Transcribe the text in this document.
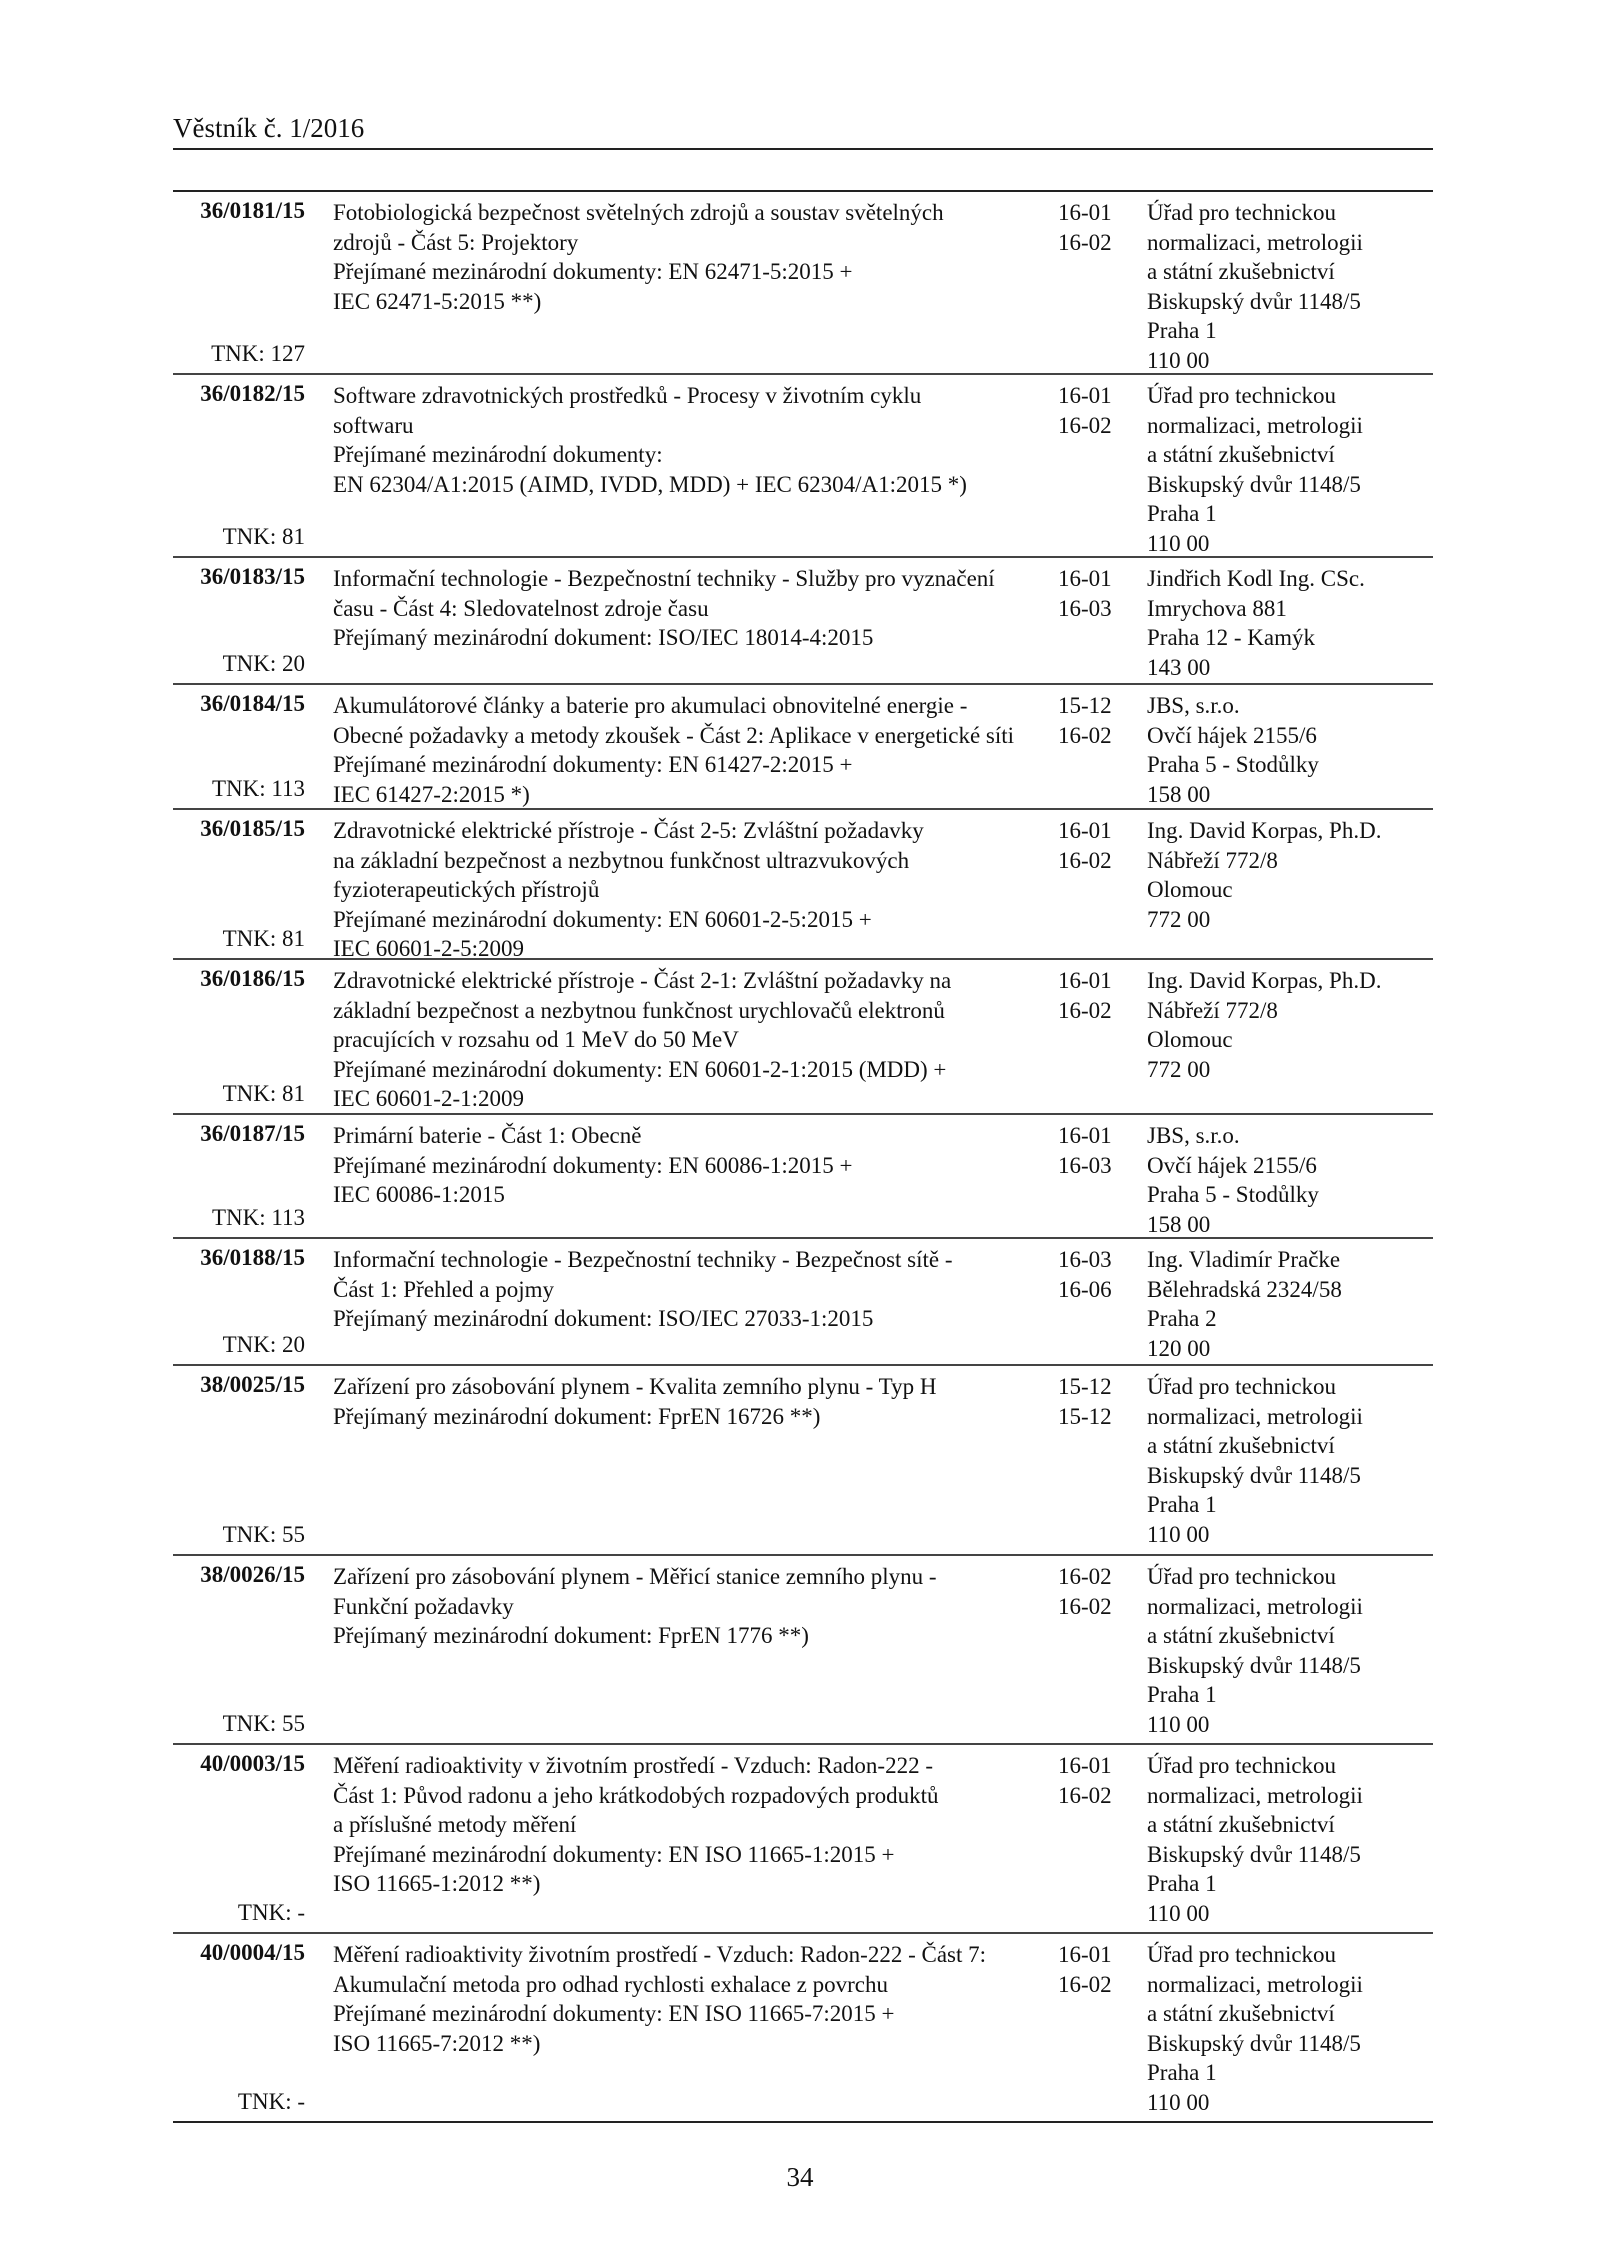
Věstník č. 1/2016
36/0181/15
TNK: 127
Fotobiologická bezpečnost světelných zdrojů a soustav světelných
zdrojů - Část 5: Projektory
Přejímané mezinárodní dokumenty: EN 62471-5:2015 +
IEC 62471-5:2015 **)
16-01
16-02
Úřad pro technickou
normalizaci, metrologii
a státní zkušebnictví
Biskupský dvůr 1148/5
Praha 1
110 00
36/0182/15
TNK: 81
Software zdravotnických prostředků - Procesy v životním cyklu
softwaru
Přejímané mezinárodní dokumenty:
EN 62304/A1:2015 (AIMD, IVDD, MDD) + IEC 62304/A1:2015 *)
16-01
16-02
Úřad pro technickou
normalizaci, metrologii
a státní zkušebnictví
Biskupský dvůr 1148/5
Praha 1
110 00
36/0183/15
TNK: 20
Informační technologie - Bezpečnostní techniky - Služby pro vyznačení
času - Část 4: Sledovatelnost zdroje času
Přejímaný mezinárodní dokument: ISO/IEC 18014-4:2015
16-01
16-03
Jindřich Kodl Ing. CSc.
Imrychova 881
Praha 12 - Kamýk
143 00
36/0184/15
TNK: 113
Akumulátorové články a baterie pro akumulaci obnovitelné energie -
Obecné požadavky a metody zkoušek - Část 2: Aplikace v energetické síti
Přejímané mezinárodní dokumenty: EN 61427-2:2015 +
IEC 61427-2:2015 *)
15-12
16-02
JBS, s.r.o.
Ovčí hájek 2155/6
Praha 5 - Stodůlky
158 00
36/0185/15
TNK: 81
Zdravotnické elektrické přístroje - Část 2-5: Zvláštní požadavky
na základní bezpečnost a nezbytnou funkčnost ultrazvukových
fyzioterapeutických přístrojů
Přejímané mezinárodní dokumenty: EN 60601-2-5:2015 +
IEC 60601-2-5:2009
16-01
16-02
Ing. David Korpas, Ph.D.
Nábřeží 772/8
Olomouc
772 00
36/0186/15
TNK: 81
Zdravotnické elektrické přístroje - Část 2-1: Zvláštní požadavky na
základní bezpečnost a nezbytnou funkčnost urychlovačů elektronů
pracujících v rozsahu od 1 MeV do 50 MeV
Přejímané mezinárodní dokumenty: EN 60601-2-1:2015 (MDD) +
IEC 60601-2-1:2009
16-01
16-02
Ing. David Korpas, Ph.D.
Nábřeží 772/8
Olomouc
772 00
36/0187/15
TNK: 113
Primární baterie - Část 1: Obecně
Přejímané mezinárodní dokumenty: EN 60086-1:2015 +
IEC 60086-1:2015
16-01
16-03
JBS, s.r.o.
Ovčí hájek 2155/6
Praha 5 - Stodůlky
158 00
36/0188/15
TNK: 20
Informační technologie - Bezpečnostní techniky - Bezpečnost sítě -
Část 1: Přehled a pojmy
Přejímaný mezinárodní dokument: ISO/IEC 27033-1:2015
16-03
16-06
Ing. Vladimír Pračke
Bělehradská 2324/58
Praha 2
120 00
38/0025/15
TNK: 55
Zařízení pro zásobování plynem - Kvalita zemního plynu - Typ H
Přejímaný mezinárodní dokument: FprEN 16726 **)
15-12
15-12
Úřad pro technickou
normalizaci, metrologii
a státní zkušebnictví
Biskupský dvůr 1148/5
Praha 1
110 00
38/0026/15
TNK: 55
Zařízení pro zásobování plynem - Měřicí stanice zemního plynu -
Funkční požadavky
Přejímaný mezinárodní dokument: FprEN 1776 **)
16-02
16-02
Úřad pro technickou
normalizaci, metrologii
a státní zkušebnictví
Biskupský dvůr 1148/5
Praha 1
110 00
40/0003/15
TNK: -
Měření radioaktivity v životním prostředí - Vzduch: Radon-222 -
Část 1: Původ radonu a jeho krátkodobých rozpadových produktů
a příslušné metody měření
Přejímané mezinárodní dokumenty: EN ISO 11665-1:2015 +
ISO 11665-1:2012 **)
16-01
16-02
Úřad pro technickou
normalizaci, metrologii
a státní zkušebnictví
Biskupský dvůr 1148/5
Praha 1
110 00
40/0004/15
TNK: -
Měření radioaktivity životním prostředí - Vzduch: Radon-222 - Část 7:
Akumulační metoda pro odhad rychlosti exhalace z povrchu
Přejímané mezinárodní dokumenty: EN ISO 11665-7:2015 +
ISO 11665-7:2012 **)
16-01
16-02
Úřad pro technickou
normalizaci, metrologii
a státní zkušebnictví
Biskupský dvůr 1148/5
Praha 1
110 00
34
